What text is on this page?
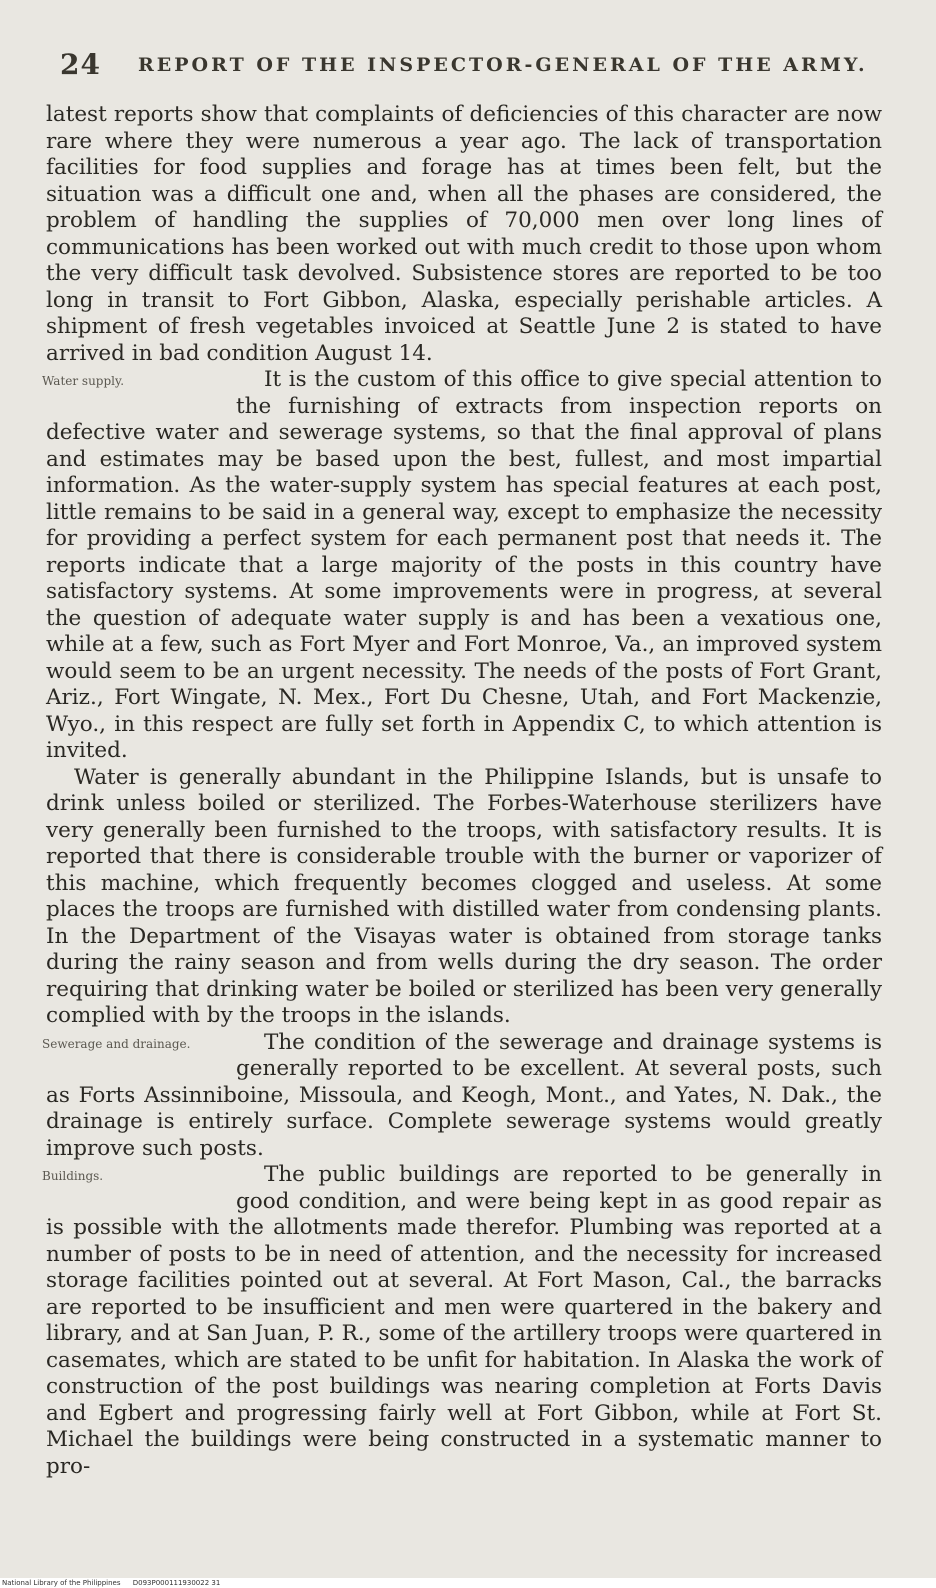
24 REPORT OF THE INSPECTOR-GENERAL OF THE ARMY.

latest reports show that complaints of deficiencies of this character are now rare where they were numerous a year ago. The lack of transportation facilities for food supplies and forage has at times been felt, but the situation was a difficult one and, when all the phases are considered, the problem of handling the supplies of 70,000 men over long lines of communications has been worked out with much credit to those upon whom the very difficult task devolved. Subsistence stores are reported to be too long in transit to Fort Gibbon, Alaska, especially perishable articles. A shipment of fresh vegetables invoiced at Seattle June 2 is stated to have arrived in bad condition August 14.

Water supply.	It is the custom of this office to give special attention to the furnishing of extracts from inspection reports on defective water and sewerage systems, so that the final approval of plans and estimates may be based upon the best, fullest, and most impartial information. As the water-supply system has special features at each post, little remains to be said in a general way, except to emphasize the necessity for providing a perfect system for each permanent post that needs it. The reports indicate that a large majority of the posts in this country have satisfactory systems. At some improvements were in progress, at several the question of adequate water supply is and has been a vexatious one, while at a few, such as Fort Myer and Fort Monroe, Va., an improved system would seem to be an urgent necessity. The needs of the posts of Fort Grant, Ariz., Fort Wingate, N. Mex., Fort Du Chesne, Utah, and Fort Mackenzie, Wyo., in this respect are fully set forth in Appendix C, to which attention is invited.

Water is generally abundant in the Philippine Islands, but is unsafe to drink unless boiled or sterilized. The Forbes-Waterhouse sterilizers have very generally been furnished to the troops, with satisfactory results. It is reported that there is considerable trouble with the burner or vaporizer of this machine, which frequently becomes clogged and useless. At some places the troops are furnished with distilled water from condensing plants. In the Department of the Visayas water is obtained from storage tanks during the rainy season and from wells during the dry season. The order requiring that drinking water be boiled or sterilized has been very generally complied with by the troops in the islands.

Sewerage and drainage.	The condition of the sewerage and drainage systems is generally reported to be excellent. At several posts, such as Forts Assinniboine, Missoula, and Keogh, Mont., and Yates, N. Dak., the drainage is entirely surface. Complete sewerage systems would greatly improve such posts.

Buildings.	The public buildings are reported to be generally in good condition, and were being kept in as good repair as is possible with the allotments made therefor. Plumbing was reported at a number of posts to be in need of attention, and the necessity for increased storage facilities pointed out at several. At Fort Mason, Cal., the barracks are reported to be insufficient and men were quartered in the bakery and library, and at San Juan, P. R., some of the artillery troops were quartered in casemates, which are stated to be unfit for habitation. In Alaska the work of construction of the post buildings was nearing completion at Forts Davis and Egbert and progressing fairly well at Fort Gibbon, while at Fort St. Michael the buildings were being constructed in a systematic manner to pro-

National Library of the Philippines D093P000111930022 31
